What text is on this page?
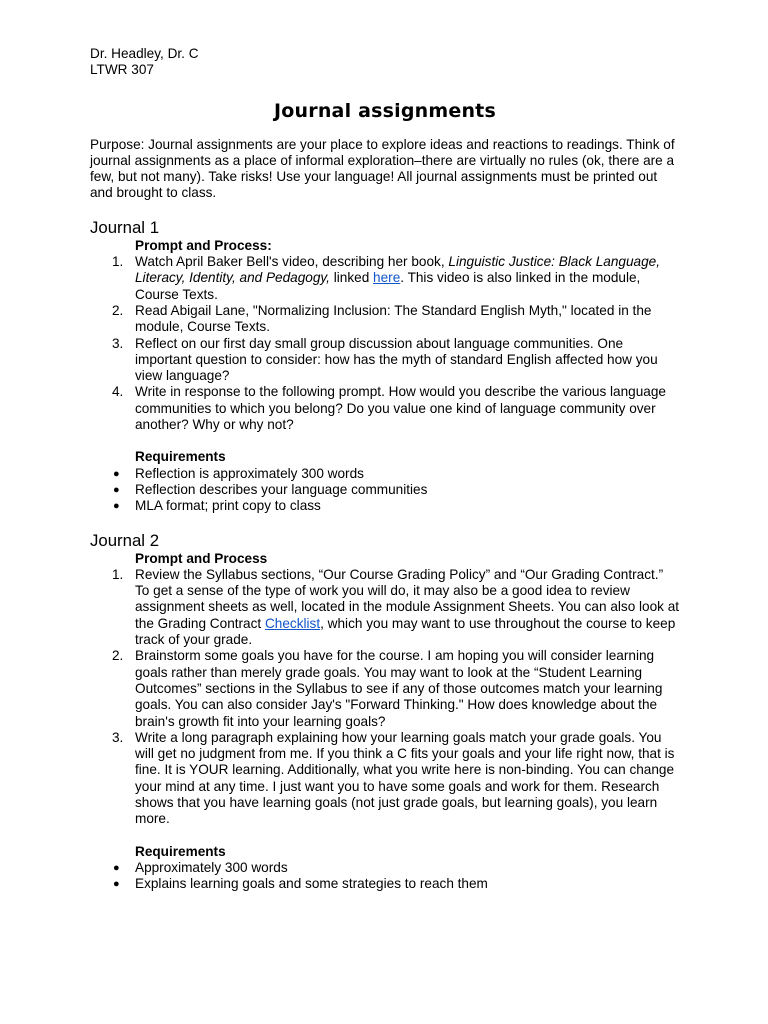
Dr. Headley, Dr. C
LTWR 307
Journal assignments

Purpose: Journal assignments are your place to explore ideas and reactions to readings. Think of journal assignments as a place of informal exploration–there are virtually no rules (ok, there are a few, but not many). Take risks! Use your language! All journal assignments must be printed out and brought to class.

Journal 1
Prompt and Process:
1. Watch April Baker Bell's video, describing her book, Linguistic Justice: Black Language, Literacy, Identity, and Pedagogy, linked here. This video is also linked in the module, Course Texts.
2. Read Abigail Lane, "Normalizing Inclusion: The Standard English Myth," located in the module, Course Texts.
3. Reflect on our first day small group discussion about language communities. One important question to consider: how has the myth of standard English affected how you view language?
4. Write in response to the following prompt. How would you describe the various language communities to which you belong? Do you value one kind of language community over another? Why or why not?
Requirements
● Reflection is approximately 300 words
● Reflection describes your language communities
● MLA format; print copy to class
Journal 2
Prompt and Process
1. Review the Syllabus sections, “Our Course Grading Policy” and “Our Grading Contract.” To get a sense of the type of work you will do, it may also be a good idea to review assignment sheets as well, located in the module Assignment Sheets. You can also look at the Grading Contract Checklist, which you may want to use throughout the course to keep track of your grade.
2. Brainstorm some goals you have for the course. I am hoping you will consider learning goals rather than merely grade goals. You may want to look at the “Student Learning Outcomes” sections in the Syllabus to see if any of those outcomes match your learning goals. You can also consider Jay's "Forward Thinking." How does knowledge about the brain's growth fit into your learning goals?
3. Write a long paragraph explaining how your learning goals match your grade goals. You will get no judgment from me. If you think a C fits your goals and your life right now, that is fine. It is YOUR learning. Additionally, what you write here is non-binding. You can change your mind at any time. I just want you to have some goals and work for them. Research shows that you have learning goals (not just grade goals, but learning goals), you learn more.
Requirements
● Approximately 300 words
● Explains learning goals and some strategies to reach them
